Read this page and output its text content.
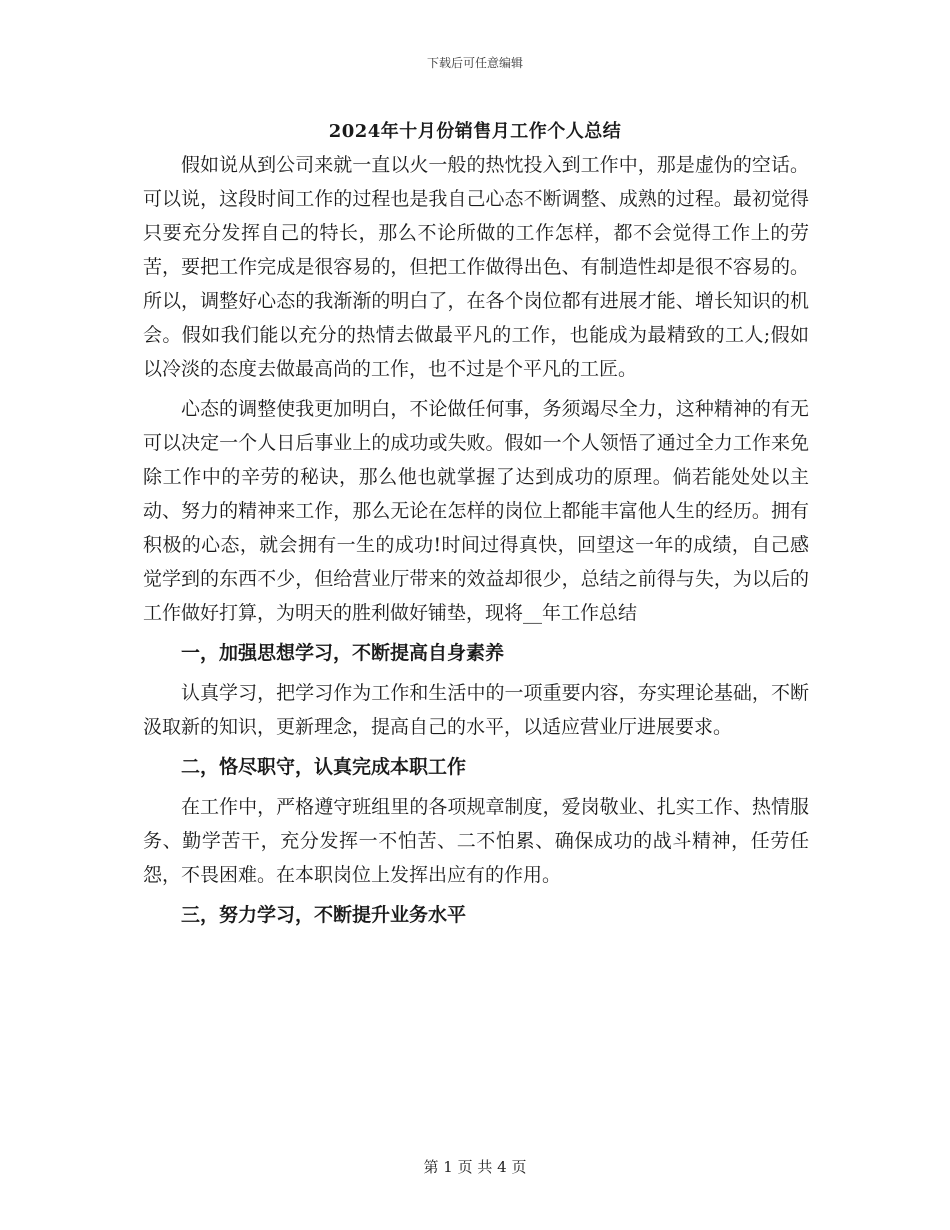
下载后可任意编辑
2024年十月份销售月工作个人总结

假如说从到公司来就一直以火一般的热忱投入到工作中，那是虚伪的空话。可以说，这段时间工作的过程也是我自己心态不断调整、成熟的过程。最初觉得只要充分发挥自己的特长，那么不论所做的工作怎样，都不会觉得工作上的劳苦，要把工作完成是很容易的，但把工作做得出色、有制造性却是很不容易的。所以，调整好心态的我渐渐的明白了，在各个岗位都有进展才能、增长知识的机会。假如我们能以充分的热情去做最平凡的工作，也能成为最精致的工人;假如以冷淡的态度去做最高尚的工作，也不过是个平凡的工匠。

心态的调整使我更加明白，不论做任何事，务须竭尽全力，这种精神的有无可以决定一个人日后事业上的成功或失败。假如一个人领悟了通过全力工作来免除工作中的辛劳的秘诀，那么他也就掌握了达到成功的原理。倘若能处处以主动、努力的精神来工作，那么无论在怎样的岗位上都能丰富他人生的经历。拥有积极的心态，就会拥有一生的成功!时间过得真快，回望这一年的成绩，自己感觉学到的东西不少，但给营业厅带来的效益却很少，总结之前得与失，为以后的工作做好打算，为明天的胜利做好铺垫，现将__年工作总结

一，加强思想学习，不断提高自身素养

认真学习，把学习作为工作和生活中的一项重要内容，夯实理论基础，不断汲取新的知识，更新理念，提高自己的水平，以适应营业厅进展要求。

二，恪尽职守，认真完成本职工作

在工作中，严格遵守班组里的各项规章制度，爱岗敬业、扎实工作、热情服务、勤学苦干，充分发挥一不怕苦、二不怕累、确保成功的战斗精神，任劳任怨，不畏困难。在本职岗位上发挥出应有的作用。

三，努力学习，不断提升业务水平

第 1 页 共 4 页
